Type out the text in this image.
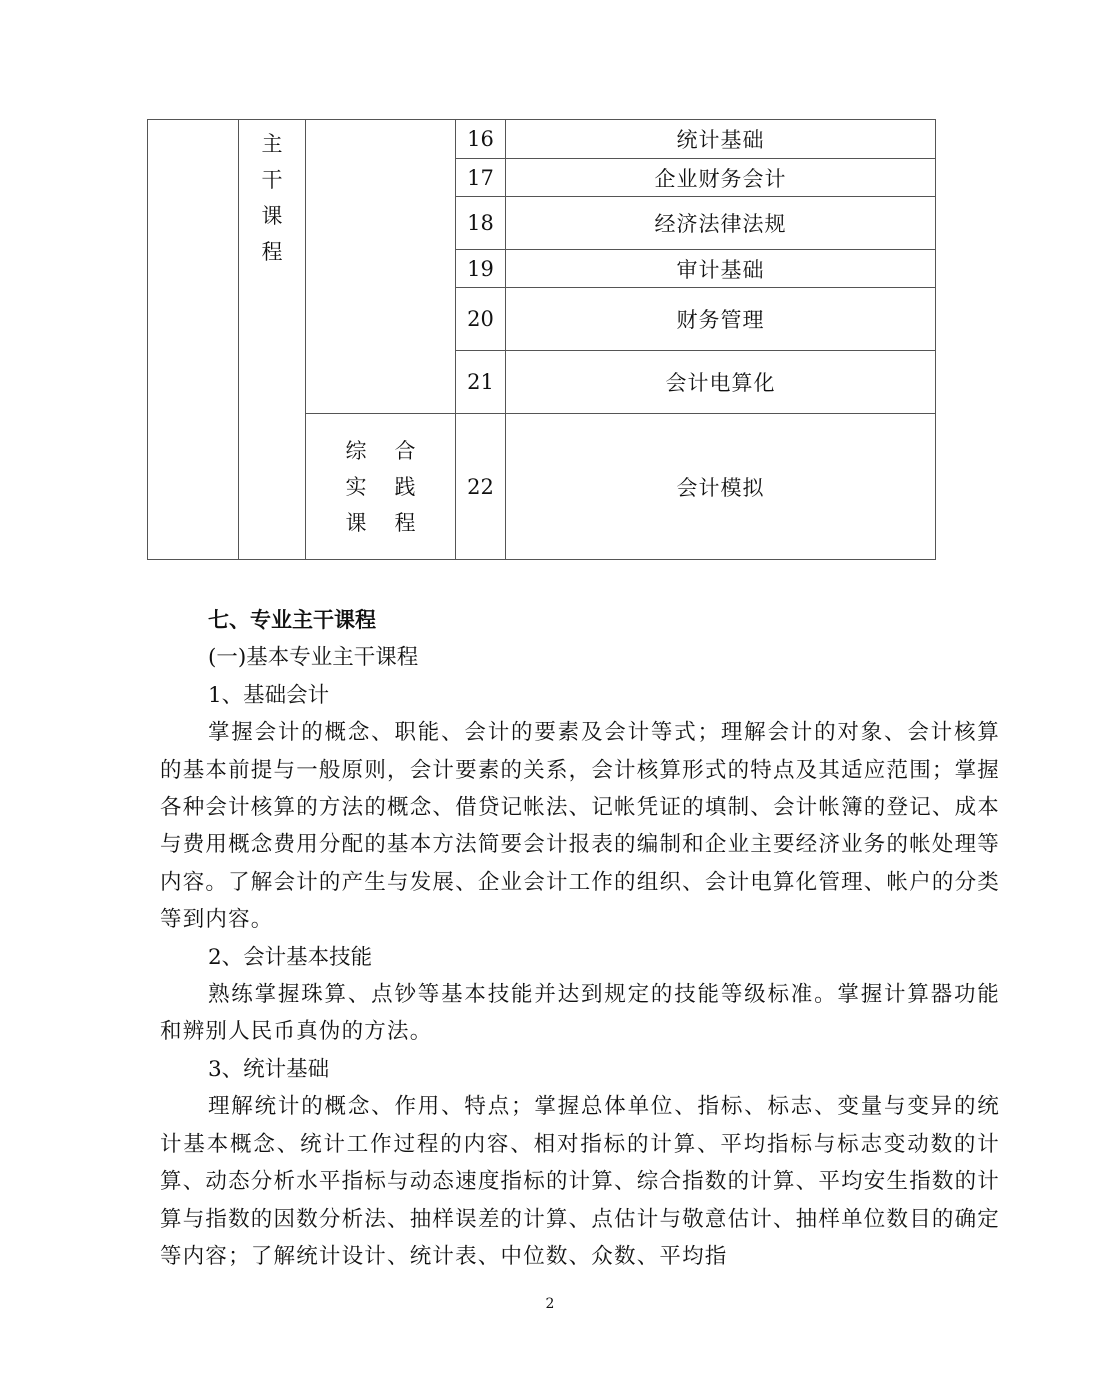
	主
干
课
程		16	统计基础
			17	企业财务会计
			18	经济法律法规
			19	审计基础
			20	财务管理
			21	会计电算化

		综合
实践
课程	22	会计模拟

七、专业主干课程

(一)基本专业主干课程

1、基础会计

掌握会计的概念、职能、会计的要素及会计等式；理解会计的对象、会计核算的基本前提与一般原则，会计要素的关系，会计核算形式的特点及其适应范围；掌握各种会计核算的方法的概念、借贷记帐法、记帐凭证的填制、会计帐簿的登记、成本与费用概念费用分配的基本方法简要会计报表的编制和企业主要经济业务的帐处理等内容。了解会计的产生与发展、企业会计工作的组织、会计电算化管理、帐户的分类等到内容。

2、会计基本技能

熟练掌握珠算、点钞等基本技能并达到规定的技能等级标准。掌握计算器功能和辨别人民币真伪的方法。

3、统计基础

理解统计的概念、作用、特点；掌握总体单位、指标、标志、变量与变异的统计基本概念、统计工作过程的内容、相对指标的计算、平均指标与标志变动数的计算、动态分析水平指标与动态速度指标的计算、综合指数的计算、平均安生指数的计算与指数的因数分析法、抽样误差的计算、点估计与敬意估计、抽样单位数目的确定等内容；了解统计设计、统计表、中位数、众数、平均指

2
